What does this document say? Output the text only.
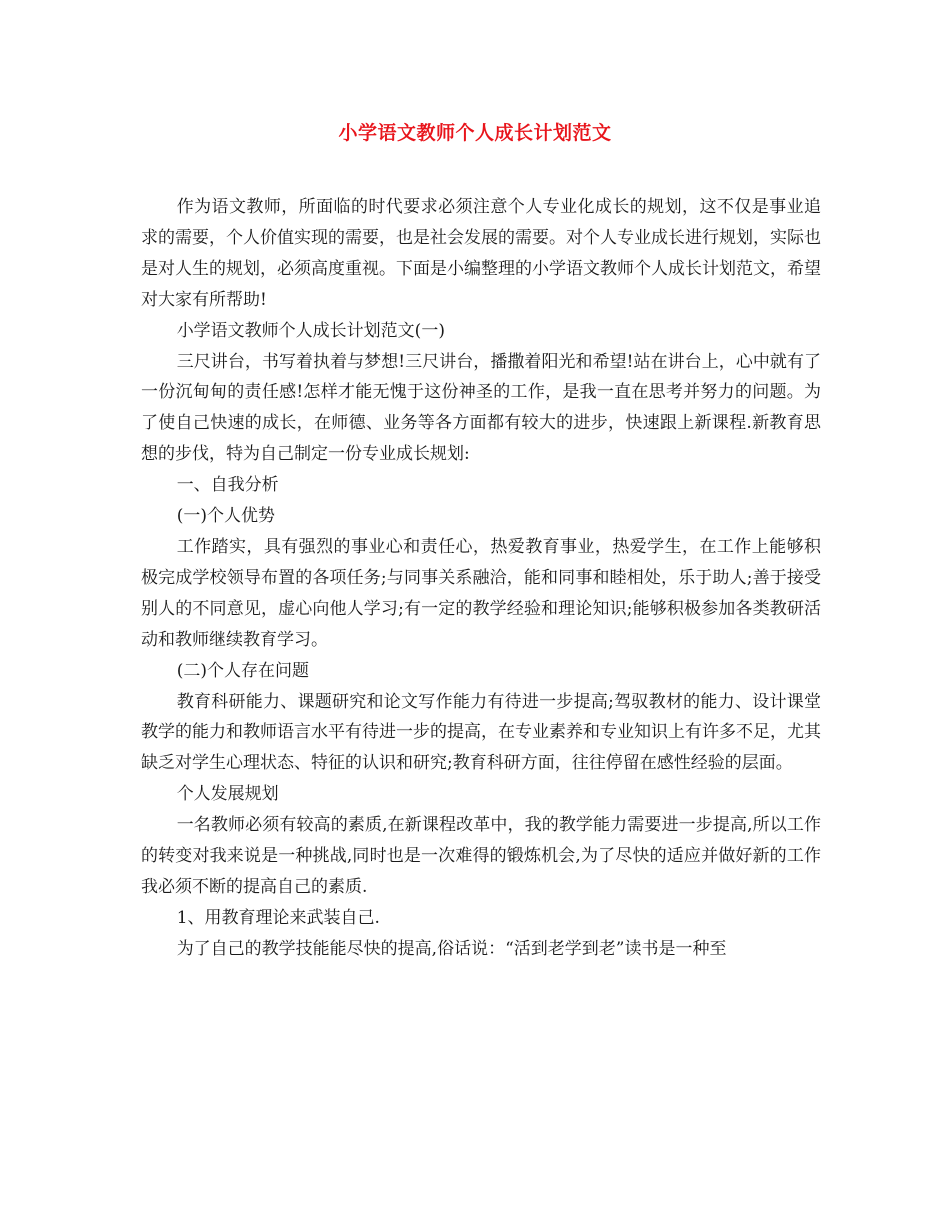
小学语文教师个人成长计划范文

作为语文教师，所面临的时代要求必须注意个人专业化成长的规划，这不仅是事业追求的需要，个人价值实现的需要，也是社会发展的需要。对个人专业成长进行规划，实际也是对人生的规划，必须高度重视。下面是小编整理的小学语文教师个人成长计划范文，希望对大家有所帮助!

小学语文教师个人成长计划范文(一)

三尺讲台，书写着执着与梦想!三尺讲台，播撒着阳光和希望!站在讲台上，心中就有了一份沉甸甸的责任感!怎样才能无愧于这份神圣的工作，是我一直在思考并努力的问题。为了使自己快速的成长，在师德、业务等各方面都有较大的进步，快速跟上新课程.新教育思想的步伐，特为自己制定一份专业成长规划:

一、自我分析

(一)个人优势

工作踏实，具有强烈的事业心和责任心，热爱教育事业，热爱学生，在工作上能够积极完成学校领导布置的各项任务;与同事关系融洽，能和同事和睦相处，乐于助人;善于接受别人的不同意见，虚心向他人学习;有一定的教学经验和理论知识;能够积极参加各类教研活动和教师继续教育学习。

(二)个人存在问题

教育科研能力、课题研究和论文写作能力有待进一步提高;驾驭教材的能力、设计课堂教学的能力和教师语言水平有待进一步的提高，在专业素养和专业知识上有许多不足，尤其缺乏对学生心理状态、特征的认识和研究;教育科研方面，往往停留在感性经验的层面。

个人发展规划

一名教师必须有较高的素质,在新课程改革中，我的教学能力需要进一步提高,所以工作的转变对我来说是一种挑战,同时也是一次难得的锻炼机会,为了尽快的适应并做好新的工作我必须不断的提高自己的素质.

1、用教育理论来武装自己.

为了自己的教学技能能尽快的提高,俗话说：“活到老学到老”读书是一种至
